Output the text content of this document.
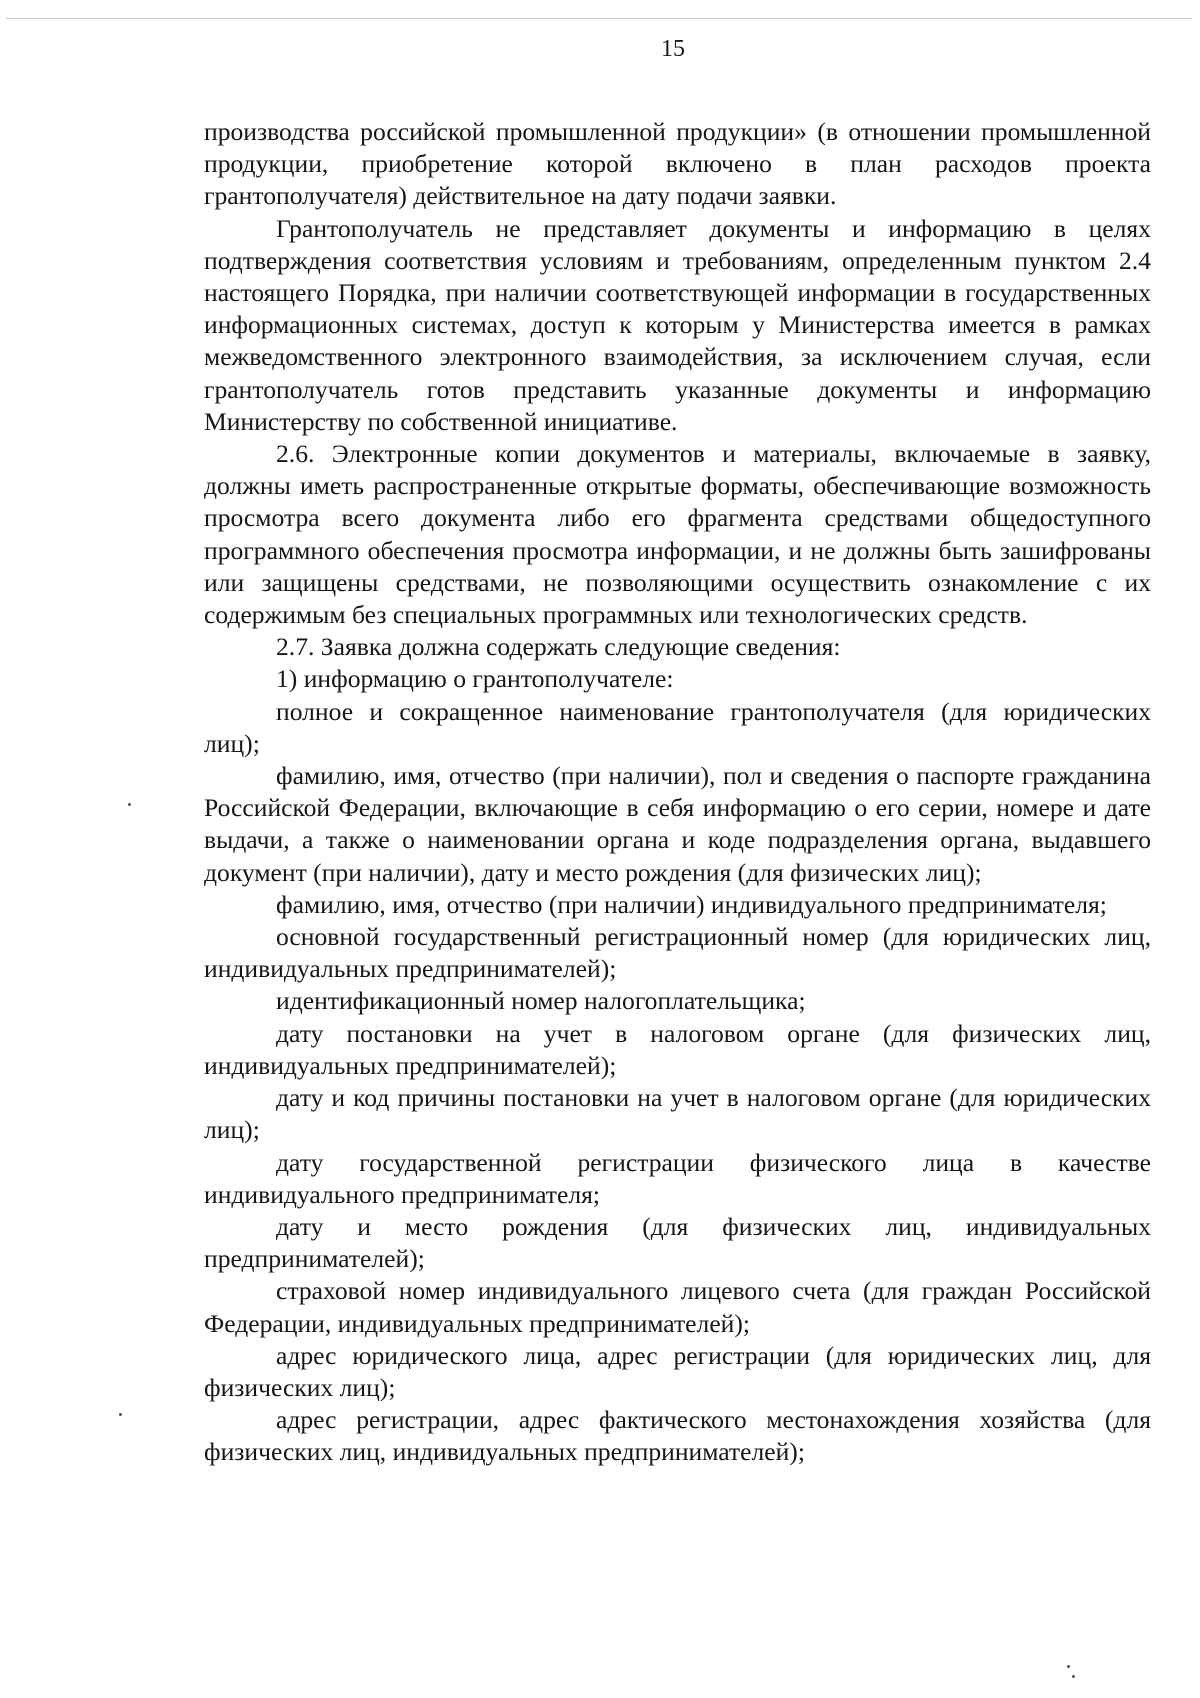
15

производства российской промышленной продукции» (в отношении промышленной продукции, приобретение которой включено в план расходов проекта грантополучателя) действительное на дату подачи заявки.

Грантополучатель не представляет документы и информацию в целях подтверждения соответствия условиям и требованиям, определенным пунктом 2.4 настоящего Порядка, при наличии соответствующей информации в государственных информационных системах, доступ к которым у Министерства имеется в рамках межведомственного электронного взаимодействия, за исключением случая, если грантополучатель готов представить указанные документы и информацию Министерству по собственной инициативе.

2.6. Электронные копии документов и материалы, включаемые в заявку, должны иметь распространенные открытые форматы, обеспечивающие возможность просмотра всего документа либо его фрагмента средствами общедоступного программного обеспечения просмотра информации, и не должны быть зашифрованы или защищены средствами, не позволяющими осуществить ознакомление с их содержимым без специальных программных или технологических средств.

2.7. Заявка должна содержать следующие сведения:

1) информацию о грантополучателе:

полное и сокращенное наименование грантополучателя (для юридических лиц);

фамилию, имя, отчество (при наличии), пол и сведения о паспорте гражданина Российской Федерации, включающие в себя информацию о его серии, номере и дате выдачи, а также о наименовании органа и коде подразделения органа, выдавшего документ (при наличии), дату и место рождения (для физических лиц);

фамилию, имя, отчество (при наличии) индивидуального предпринимателя;

основной государственный регистрационный номер (для юридических лиц, индивидуальных предпринимателей);

идентификационный номер налогоплательщика;

дату постановки на учет в налоговом органе (для физических лиц, индивидуальных предпринимателей);

дату и код причины постановки на учет в налоговом органе (для юридических лиц);

дату государственной регистрации физического лица в качестве индивидуального предпринимателя;

дату и место рождения (для физических лиц, индивидуальных предпринимателей);

страховой номер индивидуального лицевого счета (для граждан Российской Федерации, индивидуальных предпринимателей);

адрес юридического лица, адрес регистрации (для юридических лиц, для физических лиц);

адрес регистрации, адрес фактического местонахождения хозяйства (для физических лиц, индивидуальных предпринимателей);
